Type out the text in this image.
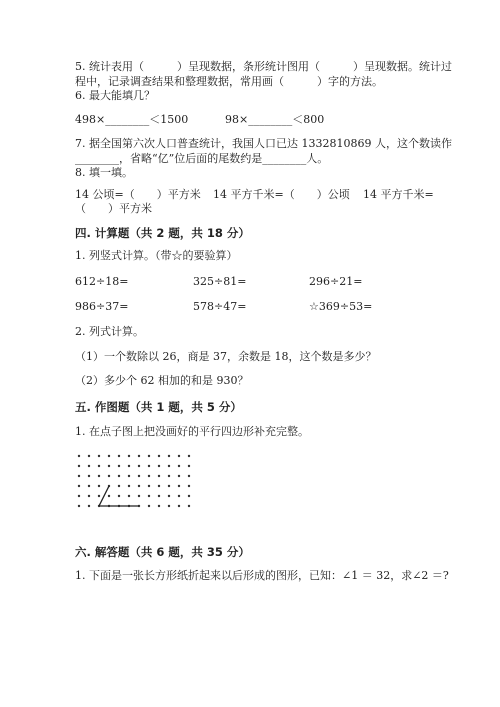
5. 统计表用（　　　）呈现数据，条形统计图用（　　　）呈现数据。统计过
程中，记录调查结果和整理数据，常用画（　　　）字的方法。
6. 最大能填几？
498×________＜1500	98×________＜800
7. 据全国第六次人口普查统计，我国人口已达 1332810869 人，这个数读作
________，省略“亿”位后面的尾数约是________人。
8. 填一填。
14 公顷=（　　）平方米 14 平方千米=（　　）公顷 14 平方千米=
（　　）平方米
四. 计算题（共 2 题，共 18 分）
1. 列竖式计算。（带☆的要验算）
612÷18=	325÷81=	296÷21=
986÷37=	578÷47=	☆369÷53=
2. 列式计算。
（1）一个数除以 26，商是 37，余数是 18，这个数是多少？
（2）多少个 62 相加的和是 930？
五. 作图题（共 1 题，共 5 分）
1. 在点子图上把没画好的平行四边形补充完整。
六. 解答题（共 6 题，共 35 分）
1. 下面是一张长方形纸折起来以后形成的图形，已知：∠1 ＝ 32，求∠2 ＝?
